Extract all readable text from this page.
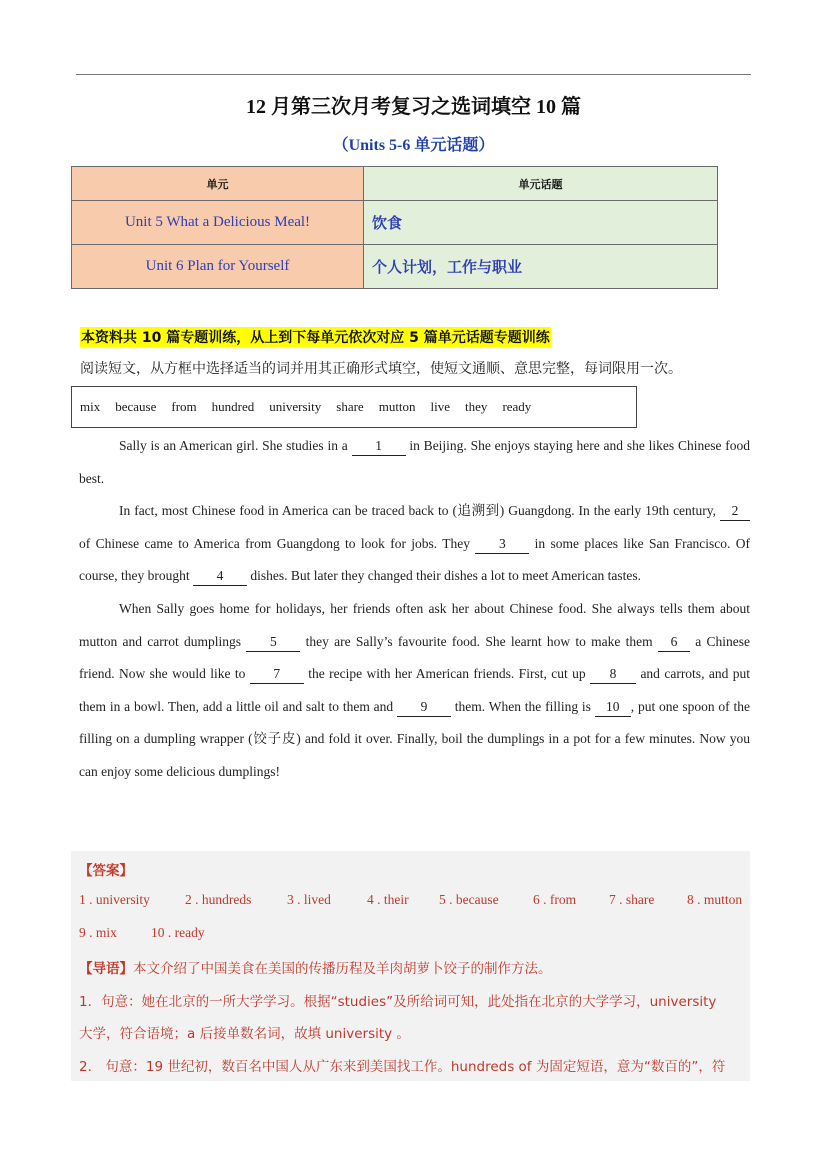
12 月第三次月考复习之选词填空 10 篇
（Units 5-6 单元话题）
单元	单元话题
Unit 5 What a Delicious Meal!	饮食
Unit 6 Plan for Yourself	个人计划，工作与职业
本资料共 10 篇专题训练，从上到下每单元依次对应 5 篇单元话题专题训练
阅读短文，从方框中选择适当的词并用其正确形式填空，使短文通顺、意思完整，每词限用一次。
mix because from hundred university share mutton live they ready

Sally is an American girl. She studies in a 1 in Beijing. She enjoys staying here and she likes Chinese food best.

In fact, most Chinese food in America can be traced back to (追溯到) Guangdong. In the early 19th century, 2 of Chinese came to America from Guangdong to look for jobs. They 3 in some places like San Francisco. Of course, they brought 4 dishes. But later they changed their dishes a lot to meet American tastes.

When Sally goes home for holidays, her friends often ask her about Chinese food. She always tells them about mutton and carrot dumplings 5 they are Sally’s favourite food. She learnt how to make them 6 a Chinese friend. Now she would like to 7 the recipe with her American friends. First, cut up 8 and carrots, and put them in a bowl. Then, add a little oil and salt to them and 9 them. When the filling is 10 , put one spoon of the filling on a dumpling wrapper (饺子皮) and fold it over. Finally, boil the dumplings in a pot for a few minutes. Now you can enjoy some delicious dumplings!

【答案】
1 . university	2 . hundreds	3 . lived	4 . their 5 . because	6 . from 7 . share 8 . mutton
9 . mix	10 . ready
【导语】本文介绍了中国美食在美国的传播历程及羊肉胡萝卜饺子的制作方法。
1．句意：她在北京的一所大学学习。根据“studies”及所给词可知，此处指在北京的大学学习，university
大学，符合语境；a 后接单数名词，故填 university 。
2． 句意：19 世纪初，数百名中国人从广东来到美国找工作。hundreds of 为固定短语，意为“数百的”，符
